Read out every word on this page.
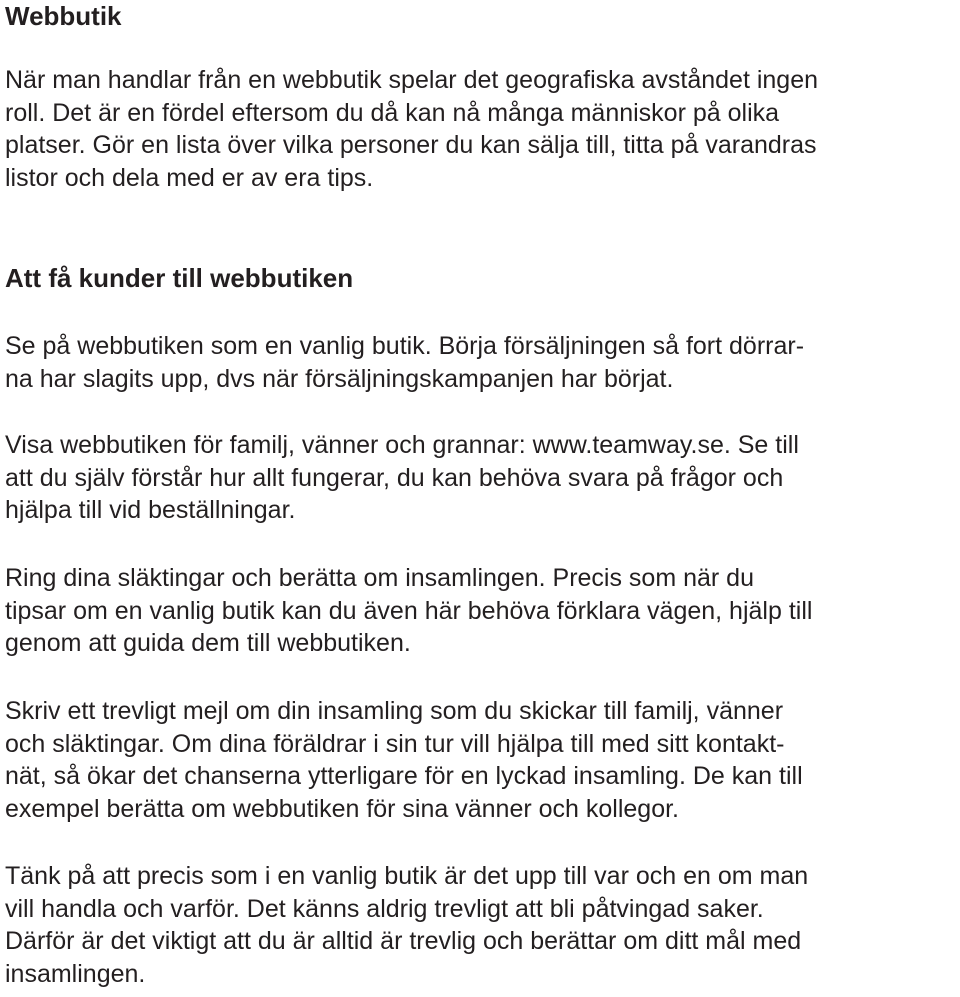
Webbutik

När man handlar från en webbutik spelar det geografiska avståndet ingen
roll. Det är en fördel eftersom du då kan nå många människor på olika
platser. Gör en lista över vilka personer du kan sälja till, titta på varandras
listor och dela med er av era tips.

Att få kunder till webbutiken

Se på webbutiken som en vanlig butik. Börja försäljningen så fort dörrar-
na har slagits upp, dvs när försäljningskampanjen har börjat.

Visa webbutiken för familj, vänner och grannar: www.teamway.se. Se till
att du själv förstår hur allt fungerar, du kan behöva svara på frågor och
hjälpa till vid beställningar.

Ring dina släktingar och berätta om insamlingen. Precis som när du
tipsar om en vanlig butik kan du även här behöva förklara vägen, hjälp till
genom att guida dem till webbutiken.

Skriv ett trevligt mejl om din insamling som du skickar till familj, vänner
och släktingar. Om dina föräldrar i sin tur vill hjälpa till med sitt kontakt-
nät, så ökar det chanserna ytterligare för en lyckad insamling. De kan till
exempel berätta om webbutiken för sina vänner och kollegor.

Tänk på att precis som i en vanlig butik är det upp till var och en om man
vill handla och varför. Det känns aldrig trevligt att bli påtvingad saker.
Därför är det viktigt att du är alltid är trevlig och berättar om ditt mål med
insamlingen.
